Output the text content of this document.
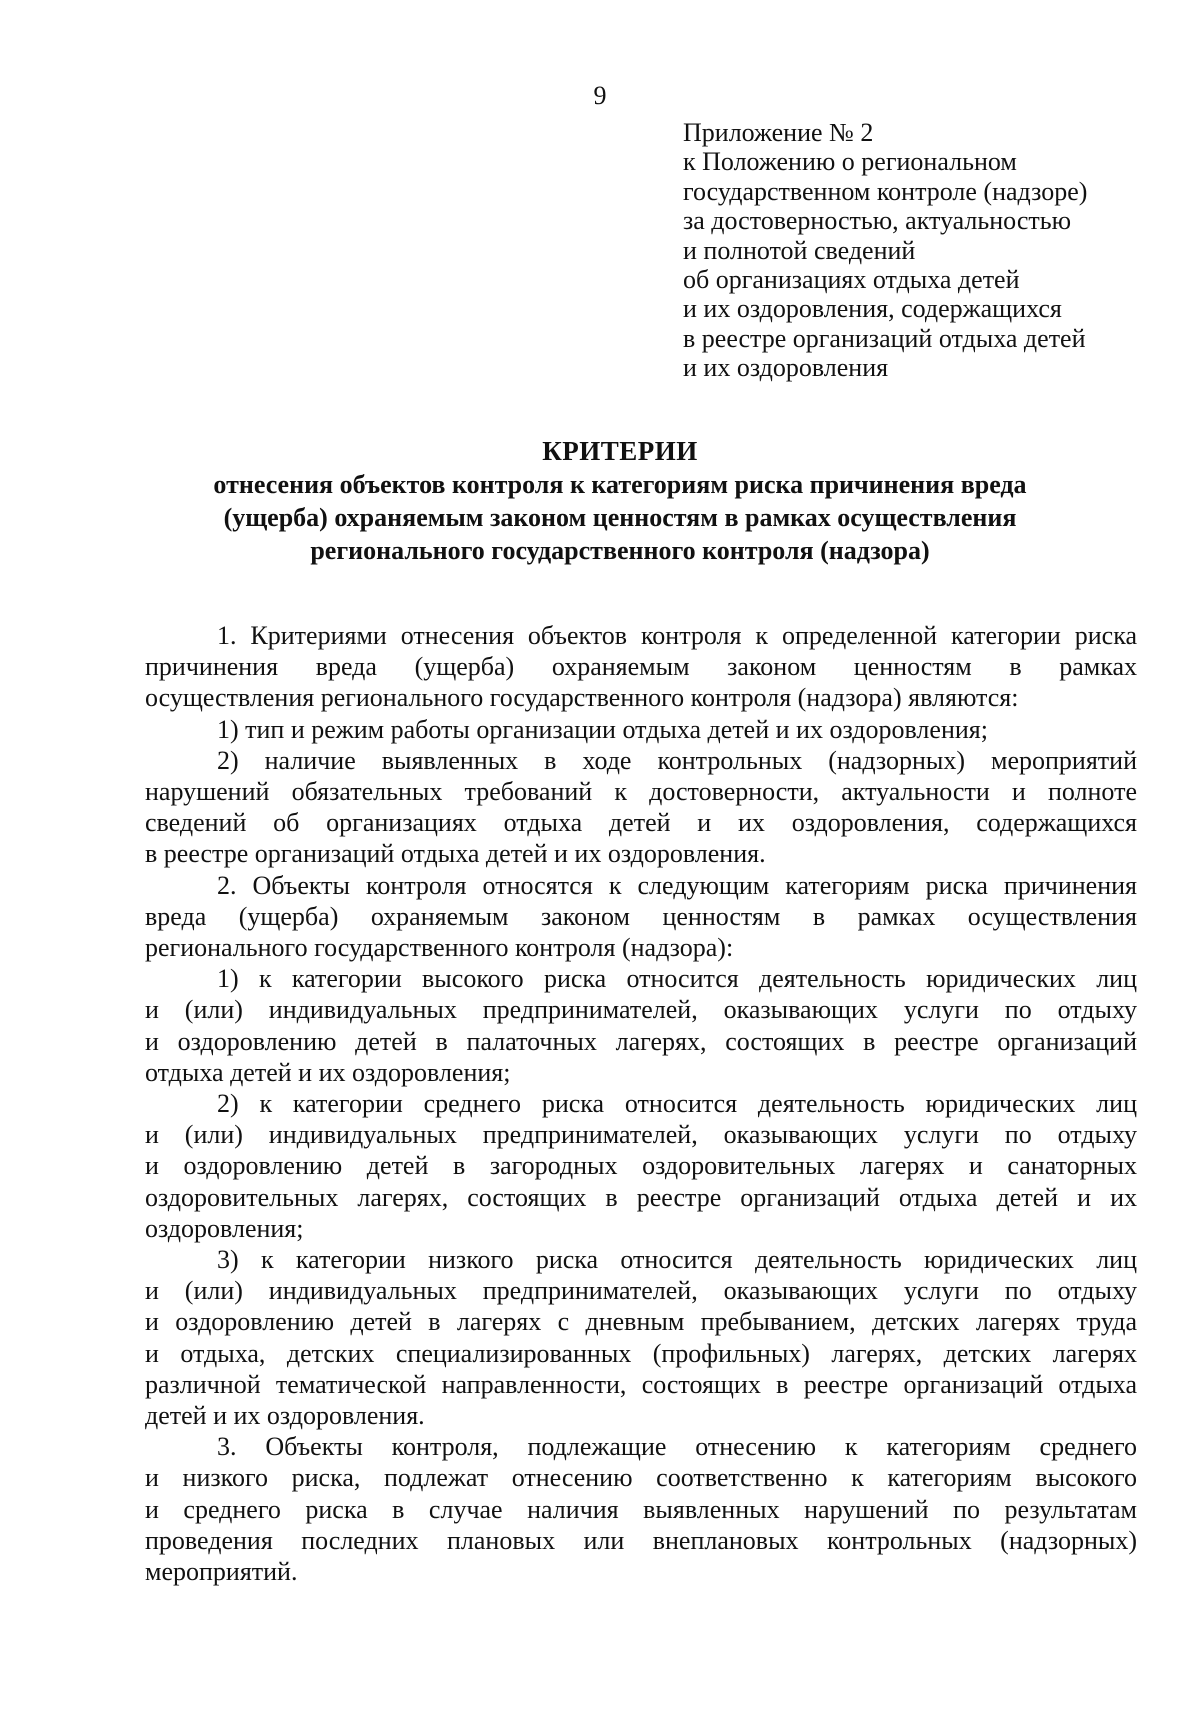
9
Приложение № 2
к Положению о региональном
государственном контроле (надзоре)
за достоверностью, актуальностью
и полнотой сведений
об организациях отдыха детей
и их оздоровления, содержащихся
в реестре организаций отдыха детей
и их оздоровления
КРИТЕРИИ
отнесения объектов контроля к категориям риска причинения вреда
(ущерба) охраняемым законом ценностям в рамках осуществления
регионального государственного контроля (надзора)
1. Критериями отнесения объектов контроля к определенной категории риска
причинения вреда (ущерба) охраняемым законом ценностям в рамках
осуществления регионального государственного контроля (надзора) являются:
1) тип и режим работы организации отдыха детей и их оздоровления;
2) наличие выявленных в ходе контрольных (надзорных) мероприятий
нарушений обязательных требований к достоверности, актуальности и полноте
сведений об организациях отдыха детей и их оздоровления, содержащихся
в реестре организаций отдыха детей и их оздоровления.
2. Объекты контроля относятся к следующим категориям риска причинения
вреда (ущерба) охраняемым законом ценностям в рамках осуществления
регионального государственного контроля (надзора):
1) к категории высокого риска относится деятельность юридических лиц
и (или) индивидуальных предпринимателей, оказывающих услуги по отдыху
и оздоровлению детей в палаточных лагерях, состоящих в реестре организаций
отдыха детей и их оздоровления;
2) к категории среднего риска относится деятельность юридических лиц
и (или) индивидуальных предпринимателей, оказывающих услуги по отдыху
и оздоровлению детей в загородных оздоровительных лагерях и санаторных
оздоровительных лагерях, состоящих в реестре организаций отдыха детей и их
оздоровления;
3) к категории низкого риска относится деятельность юридических лиц
и (или) индивидуальных предпринимателей, оказывающих услуги по отдыху
и оздоровлению детей в лагерях с дневным пребыванием, детских лагерях труда
и отдыха, детских специализированных (профильных) лагерях, детских лагерях
различной тематической направленности, состоящих в реестре организаций отдыха
детей и их оздоровления.
3. Объекты контроля, подлежащие отнесению к категориям среднего
и низкого риска, подлежат отнесению соответственно к категориям высокого
и среднего риска в случае наличия выявленных нарушений по результатам
проведения последних плановых или внеплановых контрольных (надзорных)
мероприятий.
